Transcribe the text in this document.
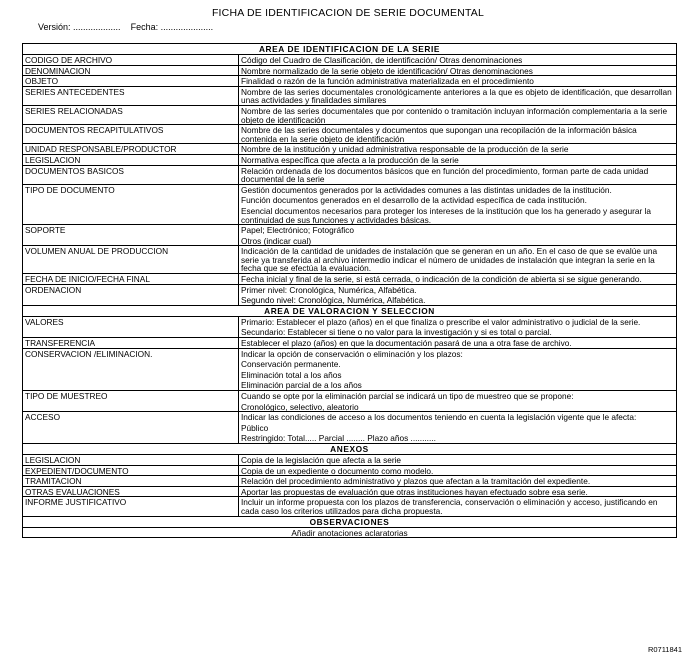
FICHA DE IDENTIFICACION DE SERIE DOCUMENTAL
Versión: ................... Fecha: .....................
AREA DE IDENTIFICACION DE LA SERIE	
CODIGO DE ARCHIVO	Código del Cuadro de Clasificación, de identificación/ Otras denominaciones

DENOMINACION	Nombre normalizado de la serie objeto de identificación/ Otras denominaciones

OBJETO	Finalidad o razón de la función administrativa materializada en el procedimiento

SERIES ANTECEDENTES	Nombre de las series documentales cronológicamente anteriores a la que es objeto de identificación, que desarrollan unas actividades y finalidades similares

SERIES RELACIONADAS	Nombre de las series documentales que por contenido o tramitación incluyan información complementaria a la serie objeto de identificación

DOCUMENTOS RECAPITULATIVOS	Nombre de las series documentales y documentos que supongan una recopilación de la información básica contenida en la serie objeto de identificación

UNIDAD RESPONSABLE/PRODUCTOR	Nombre de la institución y unidad administrativa responsable de la producción de la serie

LEGISLACION	Normativa específica que afecta a la producción de la serie

DOCUMENTOS BASICOS	Relación ordenada de los documentos básicos que en función del procedimiento, forman parte de cada unidad documental de la serie

TIPO DE DOCUMENTO	Gestión documentos generados por la actividades comunes a las distintas unidades de la institución.

Función documentos generados en el desarrollo de la actividad específica de cada institución.

Esencial documentos necesarios para proteger los intereses de la institución que los ha generado y asegurar la continuidad de sus funciones y actividades básicas.

SOPORTE	Papel; Electrónico; Fotográfico

Otros (indicar cual)

VOLUMEN ANUAL DE PRODUCCION	Indicación de la cantidad de unidades de instalación que se generan en un año. En el caso de que se evalúe una serie ya transferida al archivo intermedio indicar el número de unidades de instalación que integran la serie en la fecha que se efectúa la evaluación.

FECHA DE INICIO/FECHA FINAL	Fecha inicial y final de la serie, si está cerrada, o indicación de la condición de abierta si se sigue generando.

ORDENACION	Primer nivel: Cronológica, Numérica, Alfabética.

Segundo nivel: Cronológica, Numérica, Alfabética.

AREA DE VALORACION Y SELECCION	
VALORES	Primario: Establecer el plazo (años) en el que finaliza o prescribe el valor administrativo o judicial de la serie.

Secundario: Establecer si tiene o no valor para la investigación y si es total o parcial.

TRANSFERENCIA	Establecer el plazo (años) en que la documentación pasará de una a otra fase de archivo.

CONSERVACION /ELIMINACION.	Indicar la opción de conservación o eliminación y los plazos:

Conservación permanente.

Eliminación total a los años

Eliminación parcial de a los años

TIPO DE MUESTREO	Cuando se opte por la eliminación parcial se indicará un tipo de muestreo que se propone:

Cronológico, selectivo, aleatorio

ACCESO	Indicar las condiciones de acceso a los documentos teniendo en cuenta la legislación vigente que le afecta:

Público

Restringido: Total..... Parcial ........ Plazo años ...........

ANEXOS	
LEGISLACION	Copia de la legislación que afecta a la serie

EXPEDIENT/DOCUMENTO	Copia de un expediente o documento como modelo.

TRAMITACION	Relación del procedimiento administrativo y plazos que afectan a la tramitación del expediente.

OTRAS EVALUACIONES	Aportar las propuestas de evaluación que otras instituciones hayan efectuado sobre esa serie.

INFORME JUSTIFICATIVO	Incluir un informe propuesta con los plazos de transferencia, conservación o eliminación y acceso, justificando en cada caso los criterios utilizados para dicha propuesta.

OBSERVACIONES	
Añadir anotaciones aclaratorias	
R0711841
